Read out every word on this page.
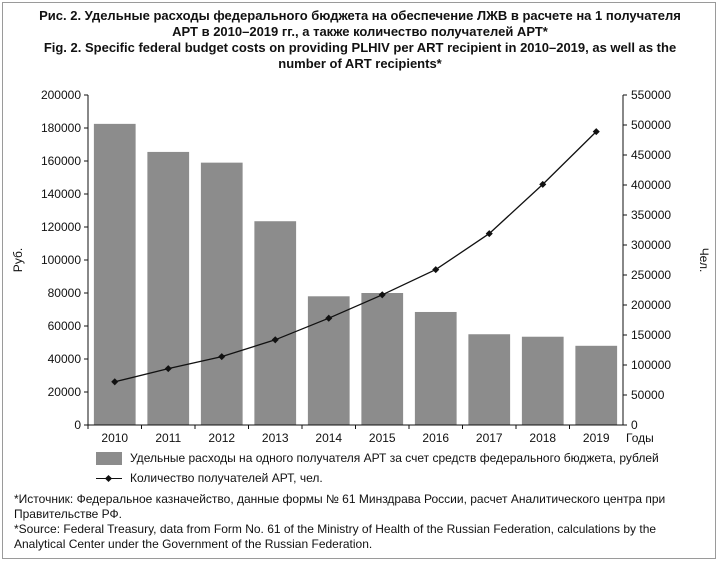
Рис. 2. Удельные расходы федерального бюджета на обеспечение ЛЖВ в расчете на 1 получателя
АРТ в 2010–2019 гг., а также количество получателей АРТ*
Fig. 2. Specific federal budget costs on providing PLHIV per ART recipient in 2010–2019, as well as the
number of ART recipients*
0
20000
40000
60000
80000
100000
120000
140000
160000
180000
200000
0
50000
100000
150000
200000
250000
300000
350000
400000
450000
500000
550000
2010 2011 2012 2013 2014 2015 2016 2017 2018 2019 Годы
Руб.	Чел.
Удельные расходы на одного получателя АРТ за счет средств федерального бюджета, рублей
Количество получателей АРТ, чел.
*Источник: Федеральное казначейство, данные формы № 61 Минздрава России, расчет Аналитического центра при Правительстве РФ.
*Source: Federal Treasury, data from Form No. 61 of the Ministry of Health of the Russian Federation, calculations by the Analytical Center under the Government of the Russian Federation.
